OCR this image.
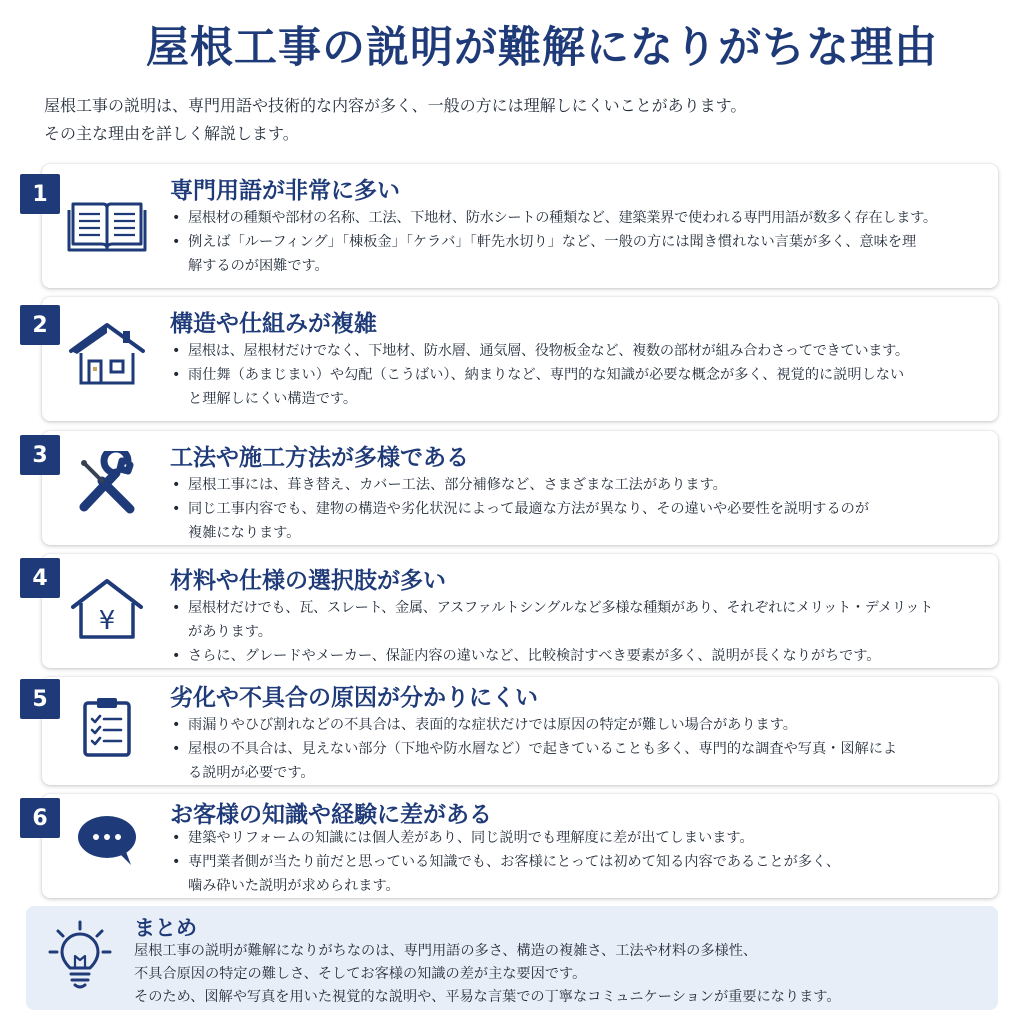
屋根工事の説明が難解になりがちな理由
屋根工事の説明は、専門用語や技術的な内容が多く、一般の方には理解しにくいことがあります。
その主な理由を詳しく解説します。
1	専門用語が非常に多い
• 屋根材の種類や部材の名称、工法、下地材、防水シートの種類など、建築業界で使われる専門用語が数多く存在します。
• 例えば「ルーフィング」「棟板金」「ケラバ」「軒先水切り」など、一般の方には聞き慣れない言葉が多く、意味を理
解するのが困難です。
2	構造や仕組みが複雑
• 屋根は、屋根材だけでなく、下地材、防水層、通気層、役物板金など、複数の部材が組み合わさってできています。
• 雨仕舞（あまじまい）や勾配（こうばい）、納まりなど、専門的な知識が必要な概念が多く、視覚的に説明しない
と理解しにくい構造です。
3	工法や施工方法が多様である
• 屋根工事には、葺き替え、カバー工法、部分補修など、さまざまな工法があります。
• 同じ工事内容でも、建物の構造や劣化状況によって最適な方法が異なり、その違いや必要性を説明するのが
複雑になります。
4
¥
材料や仕様の選択肢が多い
• 屋根材だけでも、瓦、スレート、金属、アスファルトシングルなど多様な種類があり、それぞれにメリット・デメリット
があります。
• さらに、グレードやメーカー、保証内容の違いなど、比較検討すべき要素が多く、説明が長くなりがちです。
5	劣化や不具合の原因が分かりにくい
• 雨漏りやひび割れなどの不具合は、表面的な症状だけでは原因の特定が難しい場合があります。
• 屋根の不具合は、見えない部分（下地や防水層など）で起きていることも多く、専門的な調査や写真・図解によ
る説明が必要です。
6	お客様の知識や経験に差がある
• 建築やリフォームの知識には個人差があり、同じ説明でも理解度に差が出てしまいます。
• 専門業者側が当たり前だと思っている知識でも、お客様にとっては初めて知る内容であることが多く、
噛み砕いた説明が求められます。
まとめ
屋根工事の説明が難解になりがちなのは、専門用語の多さ、構造の複雑さ、工法や材料の多様性、
不具合原因の特定の難しさ、そしてお客様の知識の差が主な要因です。
そのため、図解や写真を用いた視覚的な説明や、平易な言葉での丁寧なコミュニケーションが重要になります。
